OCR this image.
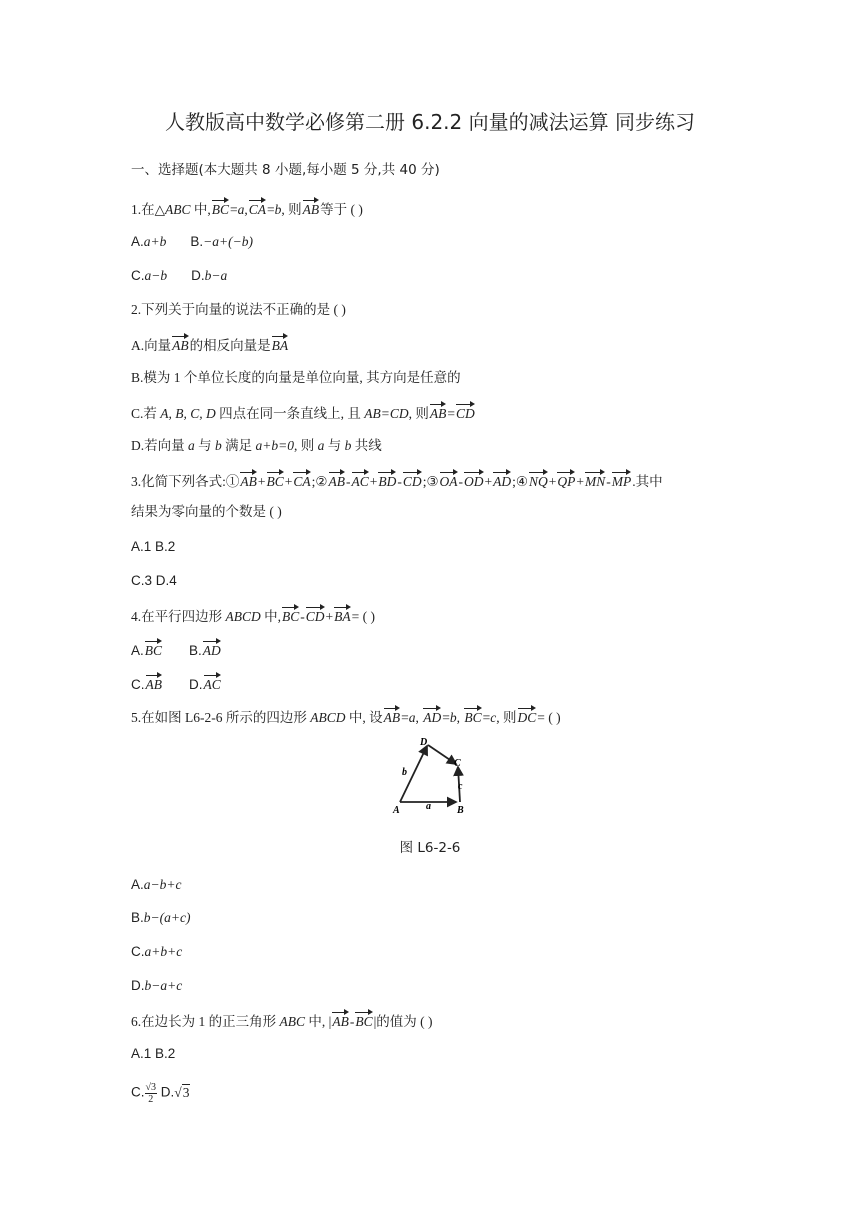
人教版高中数学必修第二册 6.2.2 向量的减法运算 同步练习
一、选择题(本大题共 8 小题,每小题 5 分,共 40 分)
1.在△ABC 中,BC=a,CA=b, 则AB等于 ( )
A.a+b B.−a+(−b)
C.a−b D.b−a
2.下列关于向量的说法不正确的是 ( )
A.向量AB的相反向量是BA
B.模为 1 个单位长度的向量是单位向量, 其方向是任意的
C.若 A, B, C, D 四点在同一条直线上, 且 AB=CD, 则AB=CD
D.若向量 a 与 b 满足 a+b=0, 则 a 与 b 共线
3.化简下列各式:①AB+BC+CA;②AB-AC+BD-CD;③OA-OD+AD;④NQ+QP+MN-MP.其中
结果为零向量的个数是 ( )
A.1 B.2
C.3 D.4
4.在平行四边形 ABCD 中,BC-CD+BA= ( )
A.BC B.AD
C.AB D.AC
5.在如图 L6-2-6 所示的四边形 ABCD 中, 设AB=a, AD=b, BC=c, 则DC= ( )
A	B
C
D
a
b
c
图 L6-2-6
A.a−b+c
B.b−(a+c)
C.a+b+c
D.b−a+c
6.在边长为 1 的正三角形 ABC 中, |AB-BC|的值为 ( )
A.1 B.2
C. $\frac{√3}{2} D.√3$
